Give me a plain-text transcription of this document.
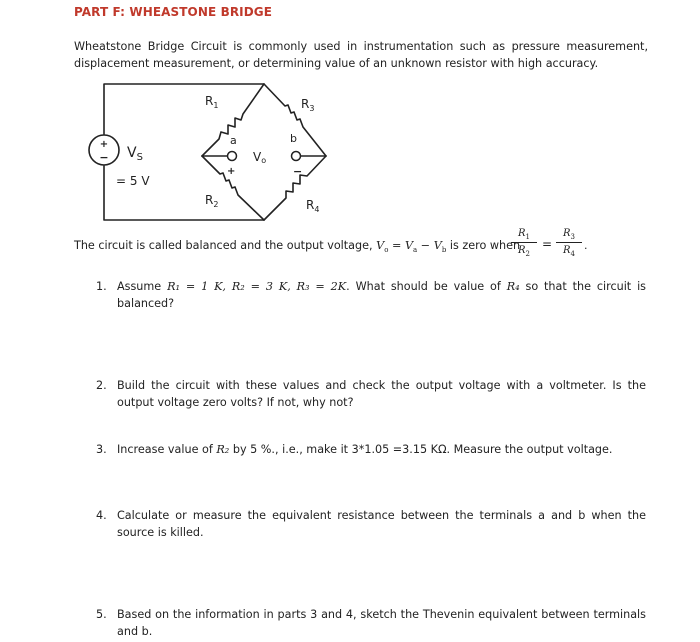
PART F: WHEASTONE BRIDGE
Wheatstone Bridge Circuit is commonly used in instrumentation such as pressure measurement, displacement measurement, or determining value of an unknown resistor with high accuracy.
+
− $V_S$
= 5 V
$R_1$	$R_3$
$R_2$	$R_4$
a	b
+	−
Vo
The circuit is called balanced and the output voltage, $V_o = V_a - V_b$ is zero when
$\frac{R_1}{R_2} = \frac{R_3}{R_4}$ .
1. Assume R₁ = 1 K, R₂ = 3 K, R₃ = 2K. What should be value of R₄ so that the circuit is balanced?
2. Build the circuit with these values and check the output voltage with a voltmeter. Is the output voltage zero volts? If not, why not?
3. Increase value of R₂ by 5 %., i.e., make it 3*1.05 =3.15 KΩ. Measure the output voltage.
4. Calculate or measure the equivalent resistance between the terminals a and b when the source is killed.
5. Based on the information in parts 3 and 4, sketch the Thevenin equivalent between terminals and b.
